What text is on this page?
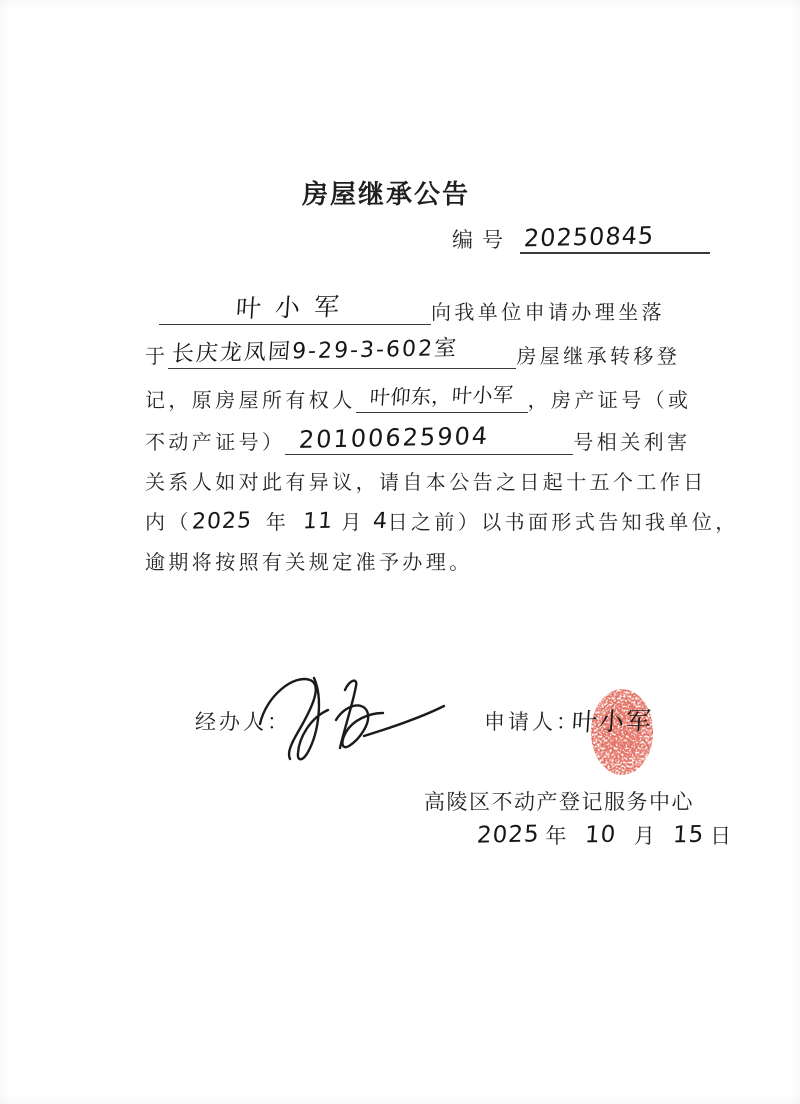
房屋继承公告
编号 20250845
叶小军	向我单位申请办理坐落
于 长庆龙凤园9-29-3-602室	房屋继承转移登
记，原房屋所有权人 叶仰东，叶小军 ，房产证号（或
不动产证号） 20100625904	号相关利害
关系人如对此有异议，请自本公告之日起十五个工作日
内（2025 年 11 月 4日之前）以书面形式告知我单位，
逾期将按照有关规定准予办理。
经办人：	申请人：
叶小军
高陵区不动产登记服务中心
2025 年 10 月 15 日
